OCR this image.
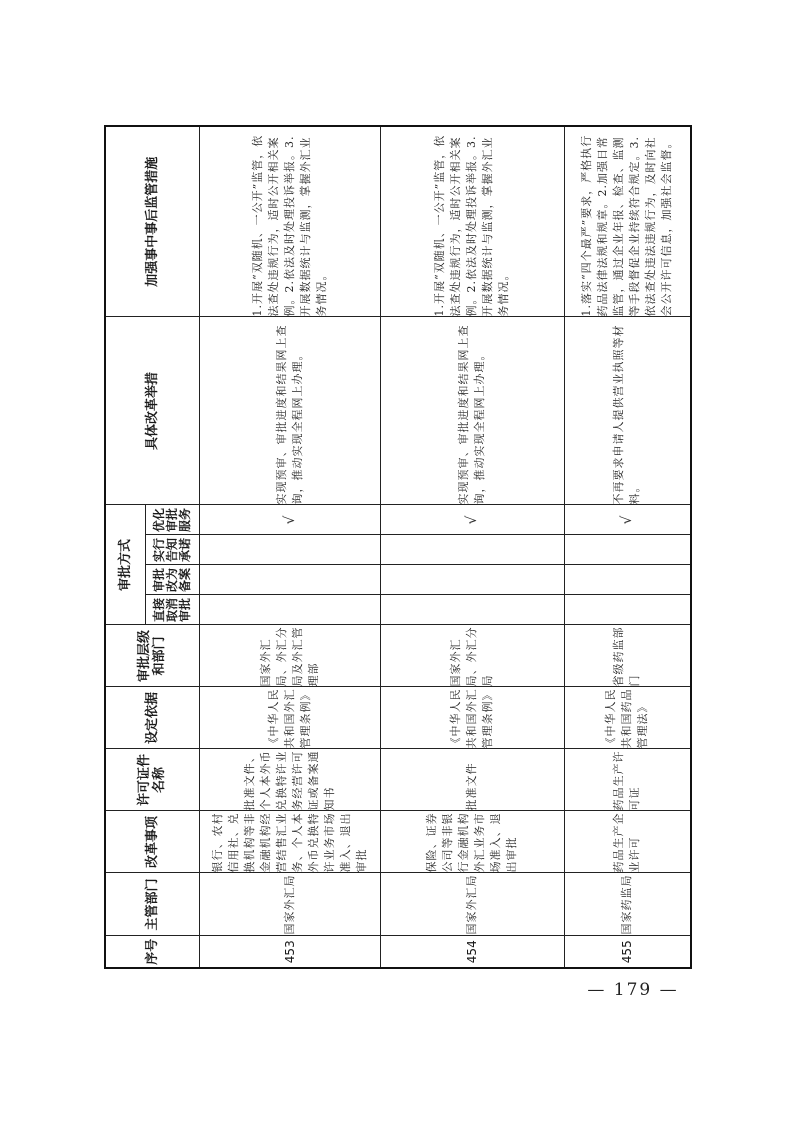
序号	主管部门	改革事项	许可证件名称	设定依据	审批层级和部门	审批方式				具体改革举措	加强事中事后监管措施
						直接取消审批	审批改为备案	实行告知承诺	优化审批服务		
453	国家外汇局	银行、农村信用社、兑换机构等非金融机构经营结售汇业务、个人本外币兑换特许业务市场准入、退出审批	批准文件、个人本外币兑换特许业务经营许可证或备案通知书	《中华人民共和国外汇管理条例》	国家外汇局、外汇分局及外汇管理部				√	实现预审、审批进度和结果网上查询，推动实现全程网上办理。	1.开展“双随机、一公开”监管，依法查处违规行为，适时公开相关案例。2.依法及时处理投诉举报。3.开展数据统计与监测，掌握外汇业务情况。
454	国家外汇局	保险、证券公司等非银行金融机构外汇业务市场准入、退出审批	批准文件	《中华人民共和国外汇管理条例》	国家外汇局、外汇分局				√	实现预审、审批进度和结果网上查询，推动实现全程网上办理。	1.开展“双随机、一公开”监管，依法查处违规行为，适时公开相关案例。2.依法及时处理投诉举报。3.开展数据统计与监测，掌握外汇业务情况。
455	国家药监局	药品生产企业许可	药品生产许可证	《中华人民共和国药品管理法》	省级药监部门				√	不再要求申请人提供营业执照等材料。	1.落实“四个最严”要求，严格执行药品法律法规和规章。2.加强日常监管，通过企业年报、检查、监测等手段督促企业持续符合规定。3.依法查处违法违规行为，及时向社会公开许可信息，加强社会监督。
— 179 —
